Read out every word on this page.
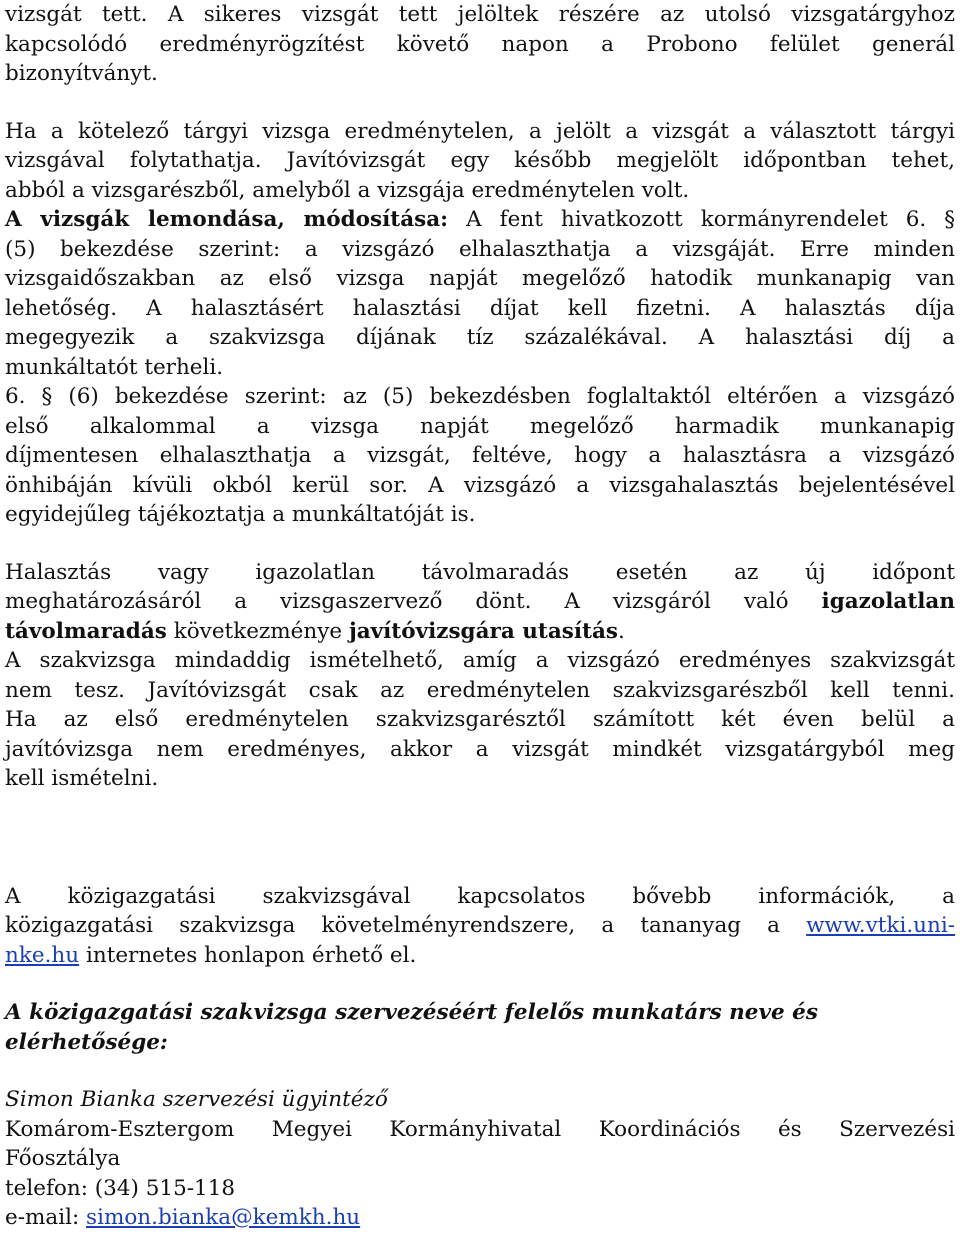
vizsgát tett. A sikeres vizsgát tett jelöltek részére az utolsó vizsgatárgyhoz
kapcsolódó eredményrögzítést követő napon a Probono felület generál
bizonyítványt.
Ha a kötelező tárgyi vizsga eredménytelen, a jelölt a vizsgát a választott tárgyi
vizsgával folytathatja. Javítóvizsgát egy később megjelölt időpontban tehet,
abból a vizsgarészből, amelyből a vizsgája eredménytelen volt.
A vizsgák lemondása, módosítása: A fent hivatkozott kormányrendelet 6. §
(5) bekezdése szerint: a vizsgázó elhalaszthatja a vizsgáját. Erre minden
vizsgaidőszakban az első vizsga napját megelőző hatodik munkanapig van
lehetőség. A halasztásért halasztási díjat kell fizetni. A halasztás díja
megegyezik a szakvizsga díjának tíz százalékával. A halasztási díj a
munkáltatót terheli.
6. § (6) bekezdése szerint: az (5) bekezdésben foglaltaktól eltérően a vizsgázó
első alkalommal a vizsga napját megelőző harmadik munkanapig
díjmentesen elhalaszthatja a vizsgát, feltéve, hogy a halasztásra a vizsgázó
önhibáján kívüli okból kerül sor. A vizsgázó a vizsgahalasztás bejelentésével
egyidejűleg tájékoztatja a munkáltatóját is.
Halasztás vagy igazolatlan távolmaradás esetén az új időpont
meghatározásáról a vizsgaszervező dönt. A vizsgáról való igazolatlan
távolmaradás következménye javítóvizsgára utasítás.
A szakvizsga mindaddig ismételhető, amíg a vizsgázó eredményes szakvizsgát
nem tesz. Javítóvizsgát csak az eredménytelen szakvizsgarészből kell tenni.
Ha az első eredménytelen szakvizsgarésztől számított két éven belül a
javítóvizsga nem eredményes, akkor a vizsgát mindkét vizsgatárgyból meg
kell ismételni.
A közigazgatási szakvizsgával kapcsolatos bővebb információk, a
közigazgatási szakvizsga követelményrendszere, a tananyag a www.vtki.uni-
nke.hu internetes honlapon érhető el.
A közigazgatási szakvizsga szervezéséért felelős munkatárs neve és
elérhetősége:
Simon Bianka szervezési ügyintéző
Komárom-Esztergom Megyei Kormányhivatal Koordinációs és Szervezési
Főosztálya
telefon: (34) 515-118
e-mail: simon.bianka@kemkh.hu
